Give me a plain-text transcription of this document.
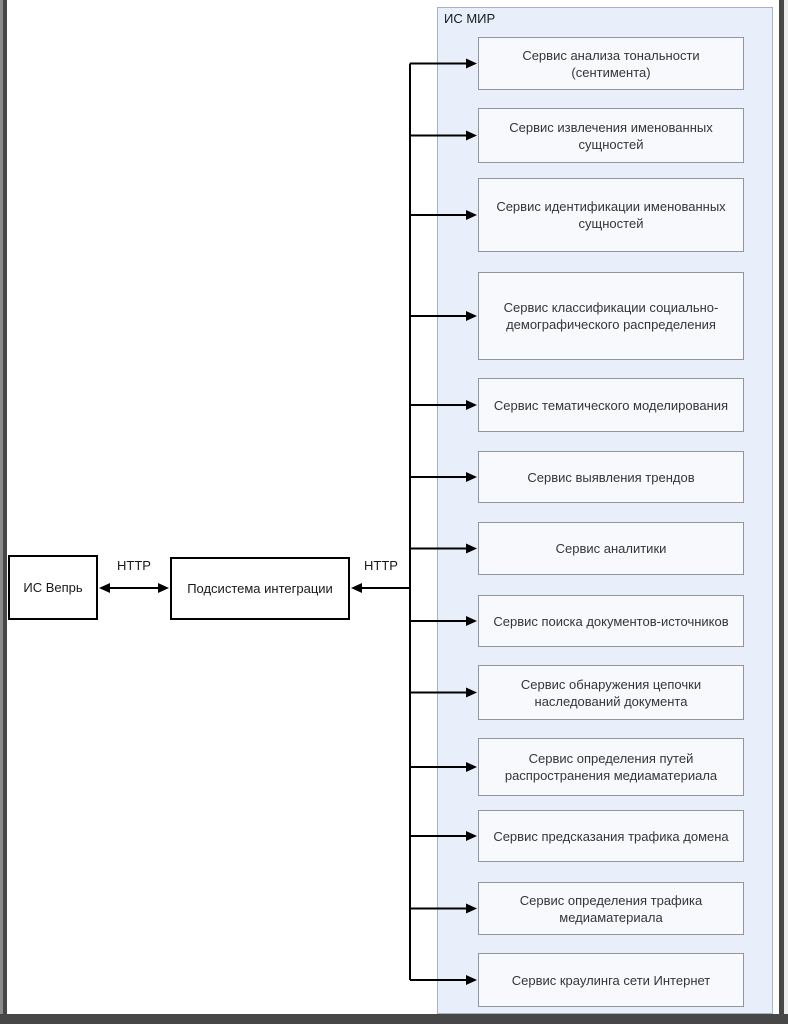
ИС МИР
Сервис анализа тональности (сентимента)
Сервис извлечения именованных сущностей
Сервис идентификации именованных сущностей
Сервис классификации социально-демографического распределения
Сервис тематического моделирования
Сервис выявления трендов
Сервис аналитики
Сервис поиска документов-источников
Сервис обнаружения цепочки наследований документа
Сервис определения путей распространения медиаматериала
Сервис предсказания трафика домена
Сервис определения трафика медиаматериала
Сервис краулинга сети Интернет
ИС Вепрь	Подсистема интеграции
HTTP	HTTP
